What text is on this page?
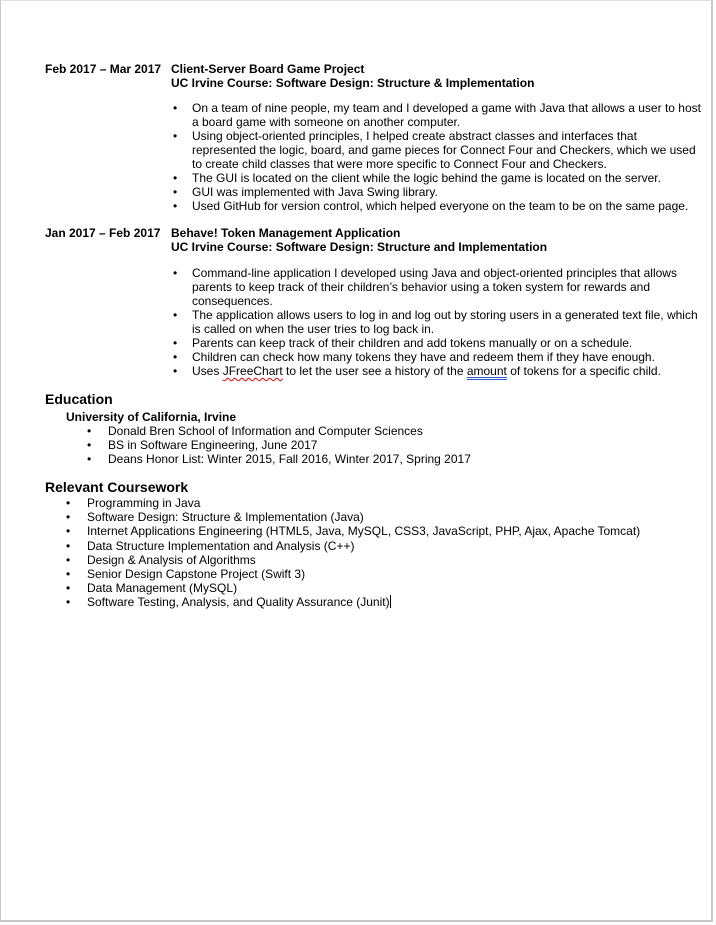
Feb 2017 – Mar 2017 Client-Server Board Game Project
UC Irvine Course: Software Design: Structure & Implementation
• On a team of nine people, my team and I developed a game with Java that allows a user to host a board game with someone on another computer.
• Using object-oriented principles, I helped create abstract classes and interfaces that represented the logic, board, and game pieces for Connect Four and Checkers, which we used to create child classes that were more specific to Connect Four and Checkers.
• The GUI is located on the client while the logic behind the game is located on the server.
• GUI was implemented with Java Swing library.
• Used GitHub for version control, which helped everyone on the team to be on the same page.
Jan 2017 – Feb 2017 Behave! Token Management Application
UC Irvine Course: Software Design: Structure and Implementation
• Command-line application I developed using Java and object-oriented principles that allows parents to keep track of their children’s behavior using a token system for rewards and consequences.
• The application allows users to log in and log out by storing users in a generated text file, which is called on when the user tries to log back in.
• Parents can keep track of their children and add tokens manually or on a schedule.
• Children can check how many tokens they have and redeem them if they have enough.
• Uses JFreeChart to let the user see a history of the amount of tokens for a specific child.
Education
University of California, Irvine
• Donald Bren School of Information and Computer Sciences
• BS in Software Engineering, June 2017
• Deans Honor List: Winter 2015, Fall 2016, Winter 2017, Spring 2017
Relevant Coursework
• Programming in Java
• Software Design: Structure & Implementation (Java)
• Internet Applications Engineering (HTML5, Java, MySQL, CSS3, JavaScript, PHP, Ajax, Apache Tomcat)
• Data Structure Implementation and Analysis (C++)
• Design & Analysis of Algorithms
• Senior Design Capstone Project (Swift 3)
• Data Management (MySQL)
• Software Testing, Analysis, and Quality Assurance (Junit)
